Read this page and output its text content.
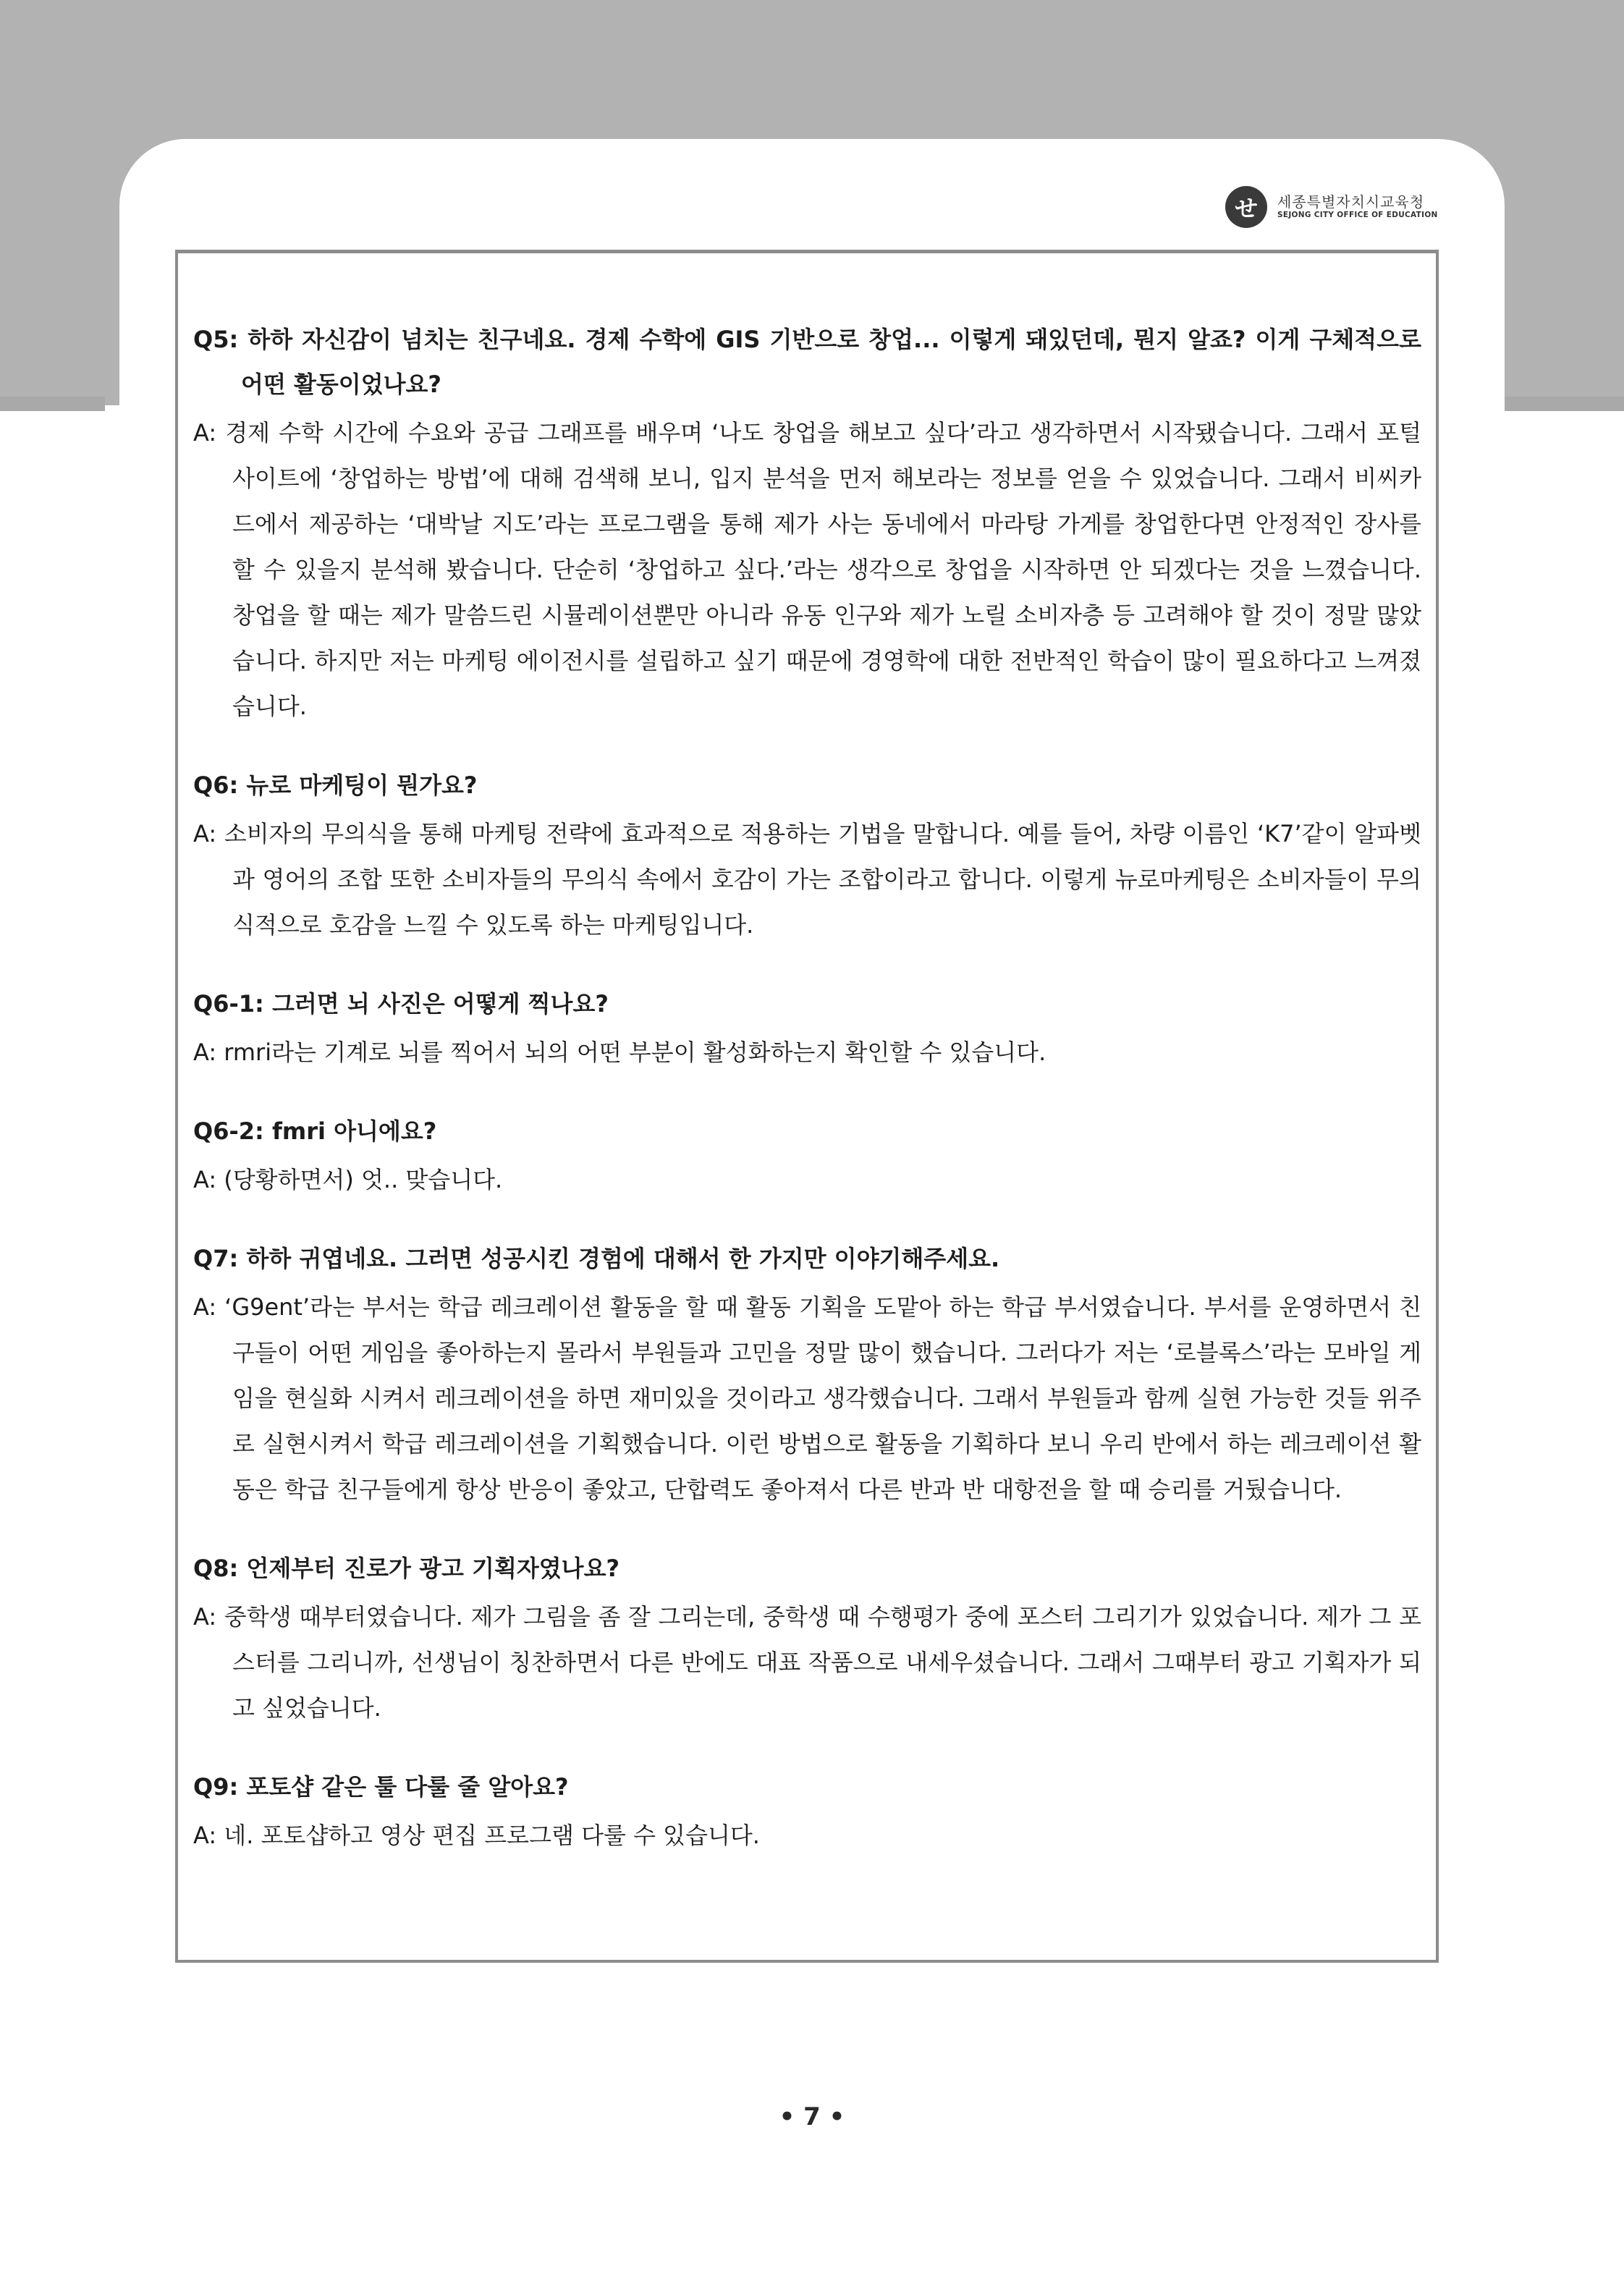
せ	세종특별자치시교육청
SEJONG CITY OFFICE OF EDUCATION
Q5: 하하 자신감이 넘치는 친구네요. 경제 수학에 GIS 기반으로 창업... 이렇게 돼있던데, 뭔지 알죠? 이게 구체적으로 어떤 활동이었나요?
A: 경제 수학 시간에 수요와 공급 그래프를 배우며 ‘나도 창업을 해보고 싶다’라고 생각하면서 시작됐습니다. 그래서 포털 사이트에 ‘창업하는 방법’에 대해 검색해 보니, 입지 분석을 먼저 해보라는 정보를 얻을 수 있었습니다. 그래서 비씨카드에서 제공하는 ‘대박날 지도’라는 프로그램을 통해 제가 사는 동네에서 마라탕 가게를 창업한다면 안정적인 장사를 할 수 있을지 분석해 봤습니다. 단순히 ‘창업하고 싶다.’라는 생각으로 창업을 시작하면 안 되겠다는 것을 느꼈습니다. 창업을 할 때는 제가 말씀드린 시뮬레이션뿐만 아니라 유동 인구와 제가 노릴 소비자층 등 고려해야 할 것이 정말 많았습니다. 하지만 저는 마케팅 에이전시를 설립하고 싶기 때문에 경영학에 대한 전반적인 학습이 많이 필요하다고 느껴졌습니다.
Q6: 뉴로 마케팅이 뭔가요?
A: 소비자의 무의식을 통해 마케팅 전략에 효과적으로 적용하는 기법을 말합니다. 예를 들어, 차량 이름인 ‘K7’같이 알파벳과 영어의 조합 또한 소비자들의 무의식 속에서 호감이 가는 조합이라고 합니다. 이렇게 뉴로마케팅은 소비자들이 무의식적으로 호감을 느낄 수 있도록 하는 마케팅입니다.
Q6-1: 그러면 뇌 사진은 어떻게 찍나요?
A: rmri라는 기계로 뇌를 찍어서 뇌의 어떤 부분이 활성화하는지 확인할 수 있습니다.
Q6-2: fmri 아니에요?
A: (당황하면서) 엇.. 맞습니다.
Q7: 하하 귀엽네요. 그러면 성공시킨 경험에 대해서 한 가지만 이야기해주세요.
A: ‘G9ent’라는 부서는 학급 레크레이션 활동을 할 때 활동 기획을 도맡아 하는 학급 부서였습니다. 부서를 운영하면서 친구들이 어떤 게임을 좋아하는지 몰라서 부원들과 고민을 정말 많이 했습니다. 그러다가 저는 ‘로블록스’라는 모바일 게임을 현실화 시켜서 레크레이션을 하면 재미있을 것이라고 생각했습니다. 그래서 부원들과 함께 실현 가능한 것들 위주로 실현시켜서 학급 레크레이션을 기획했습니다. 이런 방법으로 활동을 기획하다 보니 우리 반에서 하는 레크레이션 활동은 학급 친구들에게 항상 반응이 좋았고, 단합력도 좋아져서 다른 반과 반 대항전을 할 때 승리를 거뒀습니다.
Q8: 언제부터 진로가 광고 기획자였나요?
A: 중학생 때부터였습니다. 제가 그림을 좀 잘 그리는데, 중학생 때 수행평가 중에 포스터 그리기가 있었습니다. 제가 그 포스터를 그리니까, 선생님이 칭찬하면서 다른 반에도 대표 작품으로 내세우셨습니다. 그래서 그때부터 광고 기획자가 되고 싶었습니다.
Q9: 포토샵 같은 툴 다룰 줄 알아요?
A: 네. 포토샵하고 영상 편집 프로그램 다룰 수 있습니다.
• 7 •
